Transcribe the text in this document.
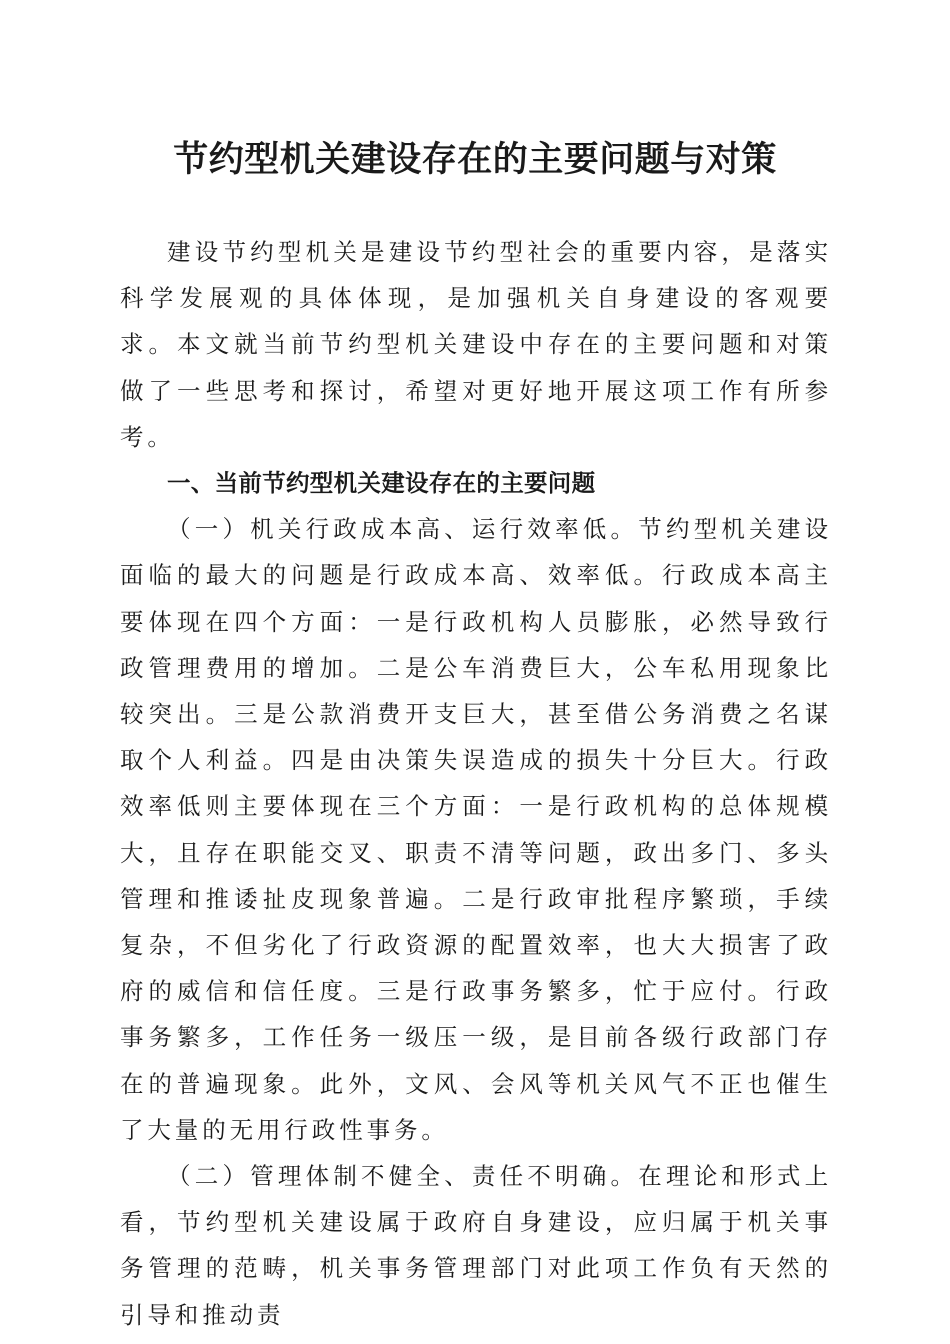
节约型机关建设存在的主要问题与对策

建设节约型机关是建设节约型社会的重要内容，是落实科学发展观的具体体现，是加强机关自身建设的客观要求。本文就当前节约型机关建设中存在的主要问题和对策做了一些思考和探讨，希望对更好地开展这项工作有所参考。

一、当前节约型机关建设存在的主要问题

（一）机关行政成本高、运行效率低。节约型机关建设面临的最大的问题是行政成本高、效率低。行政成本高主要体现在四个方面：一是行政机构人员膨胀，必然导致行政管理费用的增加。二是公车消费巨大，公车私用现象比较突出。三是公款消费开支巨大，甚至借公务消费之名谋取个人利益。四是由决策失误造成的损失十分巨大。行政效率低则主要体现在三个方面：一是行政机构的总体规模大，且存在职能交叉、职责不清等问题，政出多门、多头管理和推诿扯皮现象普遍。二是行政审批程序繁琐，手续复杂，不但劣化了行政资源的配置效率，也大大损害了政府的威信和信任度。三是行政事务繁多，忙于应付。行政事务繁多，工作任务一级压一级，是目前各级行政部门存在的普遍现象。此外，文风、会风等机关风气不正也催生了大量的无用行政性事务。

（二）管理体制不健全、责任不明确。在理论和形式上看，节约型机关建设属于政府自身建设，应归属于机关事务管理的范畴，机关事务管理部门对此项工作负有天然的引导和推动责
